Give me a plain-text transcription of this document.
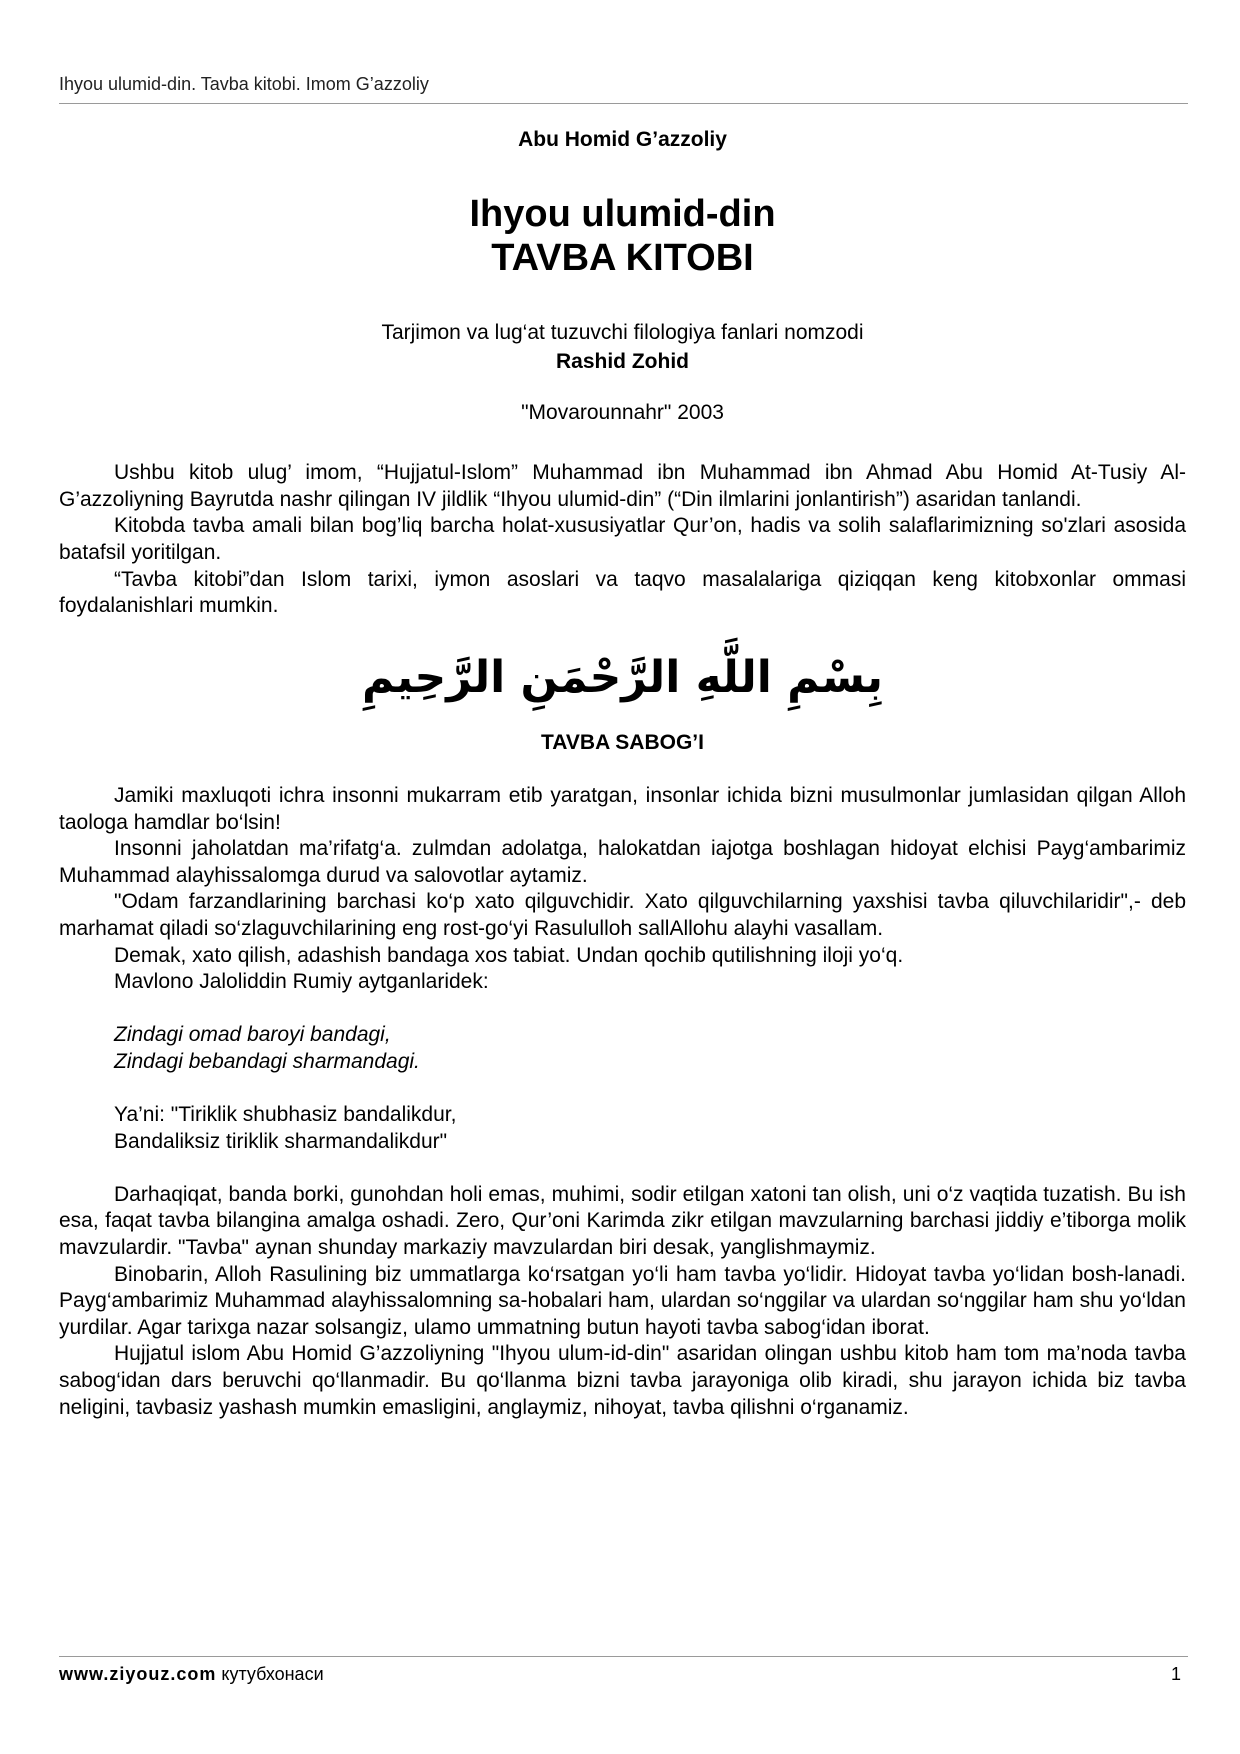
Ihyou ulumid-din. Tavba kitobi. Imom G’azzoliy
Abu Homid G’azzoliy
Ihyou ulumid-din
TAVBA KITOBI
Tarjimon va lug‘at tuzuvchi filologiya fanlari nomzodi
Rashid Zohid
"Movarounnahr" 2003

Ushbu kitob ulug’ imom, “Hujjatul-Islom” Muhammad ibn Muhammad ibn Ahmad Abu Homid At-Tusiy Al-G’azzoliyning Bayrutda nashr qilingan IV jildlik “Ihyou ulumid-din” (“Din ilmlarini jonlantirish”) asaridan tanlandi.

Kitobda tavba amali bilan bog’liq barcha holat-xususiyatlar Qur’on, hadis va solih salaflarimizning so'zlari asosida batafsil yoritilgan.

“Tavba kitobi”dan Islom tarixi, iymon asoslari va taqvo masalalariga qiziqqan keng kitobxonlar ommasi foydalanishlari mumkin.

بِسْمِ اللَّهِ الرَّحْمَنِ الرَّحِيمِ
TAVBA SABOG’I

Jamiki maxluqoti ichra insonni mukarram etib yaratgan, insonlar ichida bizni musulmonlar jumlasidan qilgan Alloh taologa hamdlar bo‘lsin!

Insonni jaholatdan ma’rifatg‘a. zulmdan adolatga, halokatdan iajotga boshlagan hidoyat elchisi Payg‘ambarimiz Muhammad alayhissalomga durud va salovotlar aytamiz.

"Odam farzandlarining barchasi ko‘p xato qilguvchidir. Xato qilguvchilarning yaxshisi tavba qiluvchilaridir",- deb marhamat qiladi so‘zlaguvchilarining eng rost-go‘yi Rasululloh sallAllohu alayhi vasallam.

Demak, xato qilish, adashish bandaga xos tabiat. Undan qochib qutilishning iloji yo‘q.

Mavlono Jaloliddin Rumiy aytganlaridek:

Zindagi omad baroyi bandagi,
Zindagi bebandagi sharmandagi.
Ya’ni: "Tiriklik shubhasiz bandalikdur,
Bandaliksiz tiriklik sharmandalikdur"

Darhaqiqat, banda borki, gunohdan holi emas, muhimi, sodir etilgan xatoni tan olish, uni o‘z vaqtida tuzatish. Bu ish esa, faqat tavba bilangina amalga oshadi. Zero, Qur’oni Karimda zikr etilgan mavzularning barchasi jiddiy e’tiborga molik mavzulardir. "Tavba" aynan shunday markaziy mavzulardan biri desak, yanglishmaymiz.

Binobarin, Alloh Rasulining biz ummatlarga ko‘rsatgan yo‘li ham tavba yo‘lidir. Hidoyat tavba yo‘lidan bosh-lanadi. Payg‘ambarimiz Muhammad alayhissalomning sa-hobalari ham, ulardan so‘nggilar va ulardan so‘nggilar ham shu yo‘ldan yurdilar. Agar tarixga nazar solsangiz, ulamo ummatning butun hayoti tavba sabog‘idan iborat.

Hujjatul islom Abu Homid G’azzoliyning "Ihyou ulum-id-din" asaridan olingan ushbu kitob ham tom ma’noda tavba sabog‘idan dars beruvchi qo‘llanmadir. Bu qo‘llanma bizni tavba jarayoniga olib kiradi, shu jarayon ichida biz tavba neligini, tavbasiz yashash mumkin emasligini, anglaymiz, nihoyat, tavba qilishni o‘rganamiz.

www.ziyouz.com кутубхонаси	1
